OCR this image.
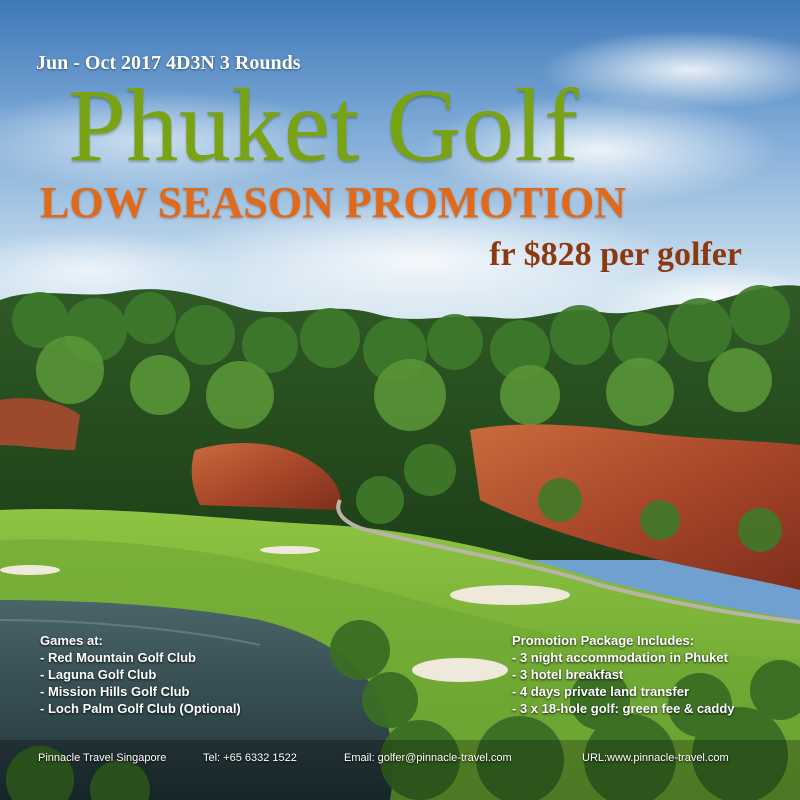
Jun - Oct 2017 4D3N 3 Rounds
Phuket Golf
LOW SEASON PROMOTION
fr $828 per golfer
Games at:
- Red Mountain Golf Club
- Laguna Golf Club
- Mission Hills Golf Club
- Loch Palm Golf Club (Optional)
Promotion Package Includes:
- 3 night accommodation in Phuket
- 3 hotel breakfast
- 4 days private land transfer
- 3 x 18-hole golf: green fee & caddy
Pinnacle Travel Singapore	Tel: +65 6332 1522	Email: golfer@pinnacle-travel.com	URL:www.pinnacle-travel.com
